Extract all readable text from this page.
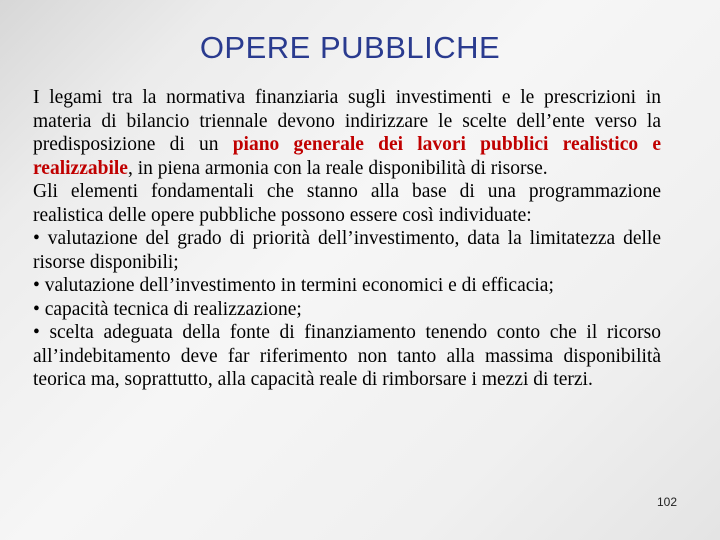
OPERE PUBBLICHE

I legami tra la normativa finanziaria sugli investimenti e le prescrizioni in materia di bilancio triennale devono indirizzare le scelte dell’ente verso la predisposizione di un piano generale dei lavori pubblici realistico e realizzabile, in piena armonia con la reale disponibilità di risorse.

Gli elementi fondamentali che stanno alla base di una programmazione realistica delle opere pubbliche possono essere così individuate:

• valutazione del grado di priorità dell’investimento, data la limitatezza delle risorse disponibili;

• valutazione dell’investimento in termini economici e di efficacia;

• capacità tecnica di realizzazione;

• scelta adeguata della fonte di finanziamento tenendo conto che il ricorso all’indebitamento deve far riferimento non tanto alla massima disponibilità teorica ma, soprattutto, alla capacità reale di rimborsare i mezzi di terzi.

102
